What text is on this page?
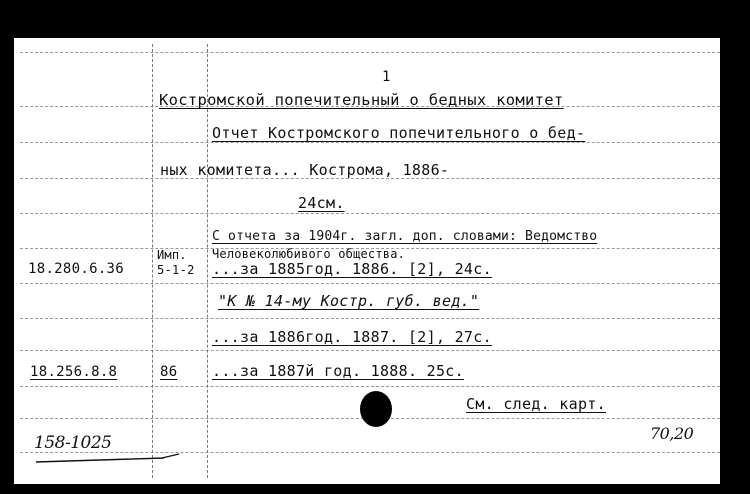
1
Костромской попечительный о бедных комитет
Отчет Костромского попечительного о бед-
ных комитета... Кострома, 1886-
24см.
С отчета за 1904г. загл. доп. словами: Ведомство
Человеколюбивого общества.
...за 1885год. 1886. [2], 24с.
"К № 14-му Костр. губ. вед."
...за 1886год. 1887. [2], 27с.
...за 1887й год. 1888. 25с.
См. след. карт.
Имп.
18.280.6.36	5-1-2
18.256.8.8	86
158-1025	70,20
